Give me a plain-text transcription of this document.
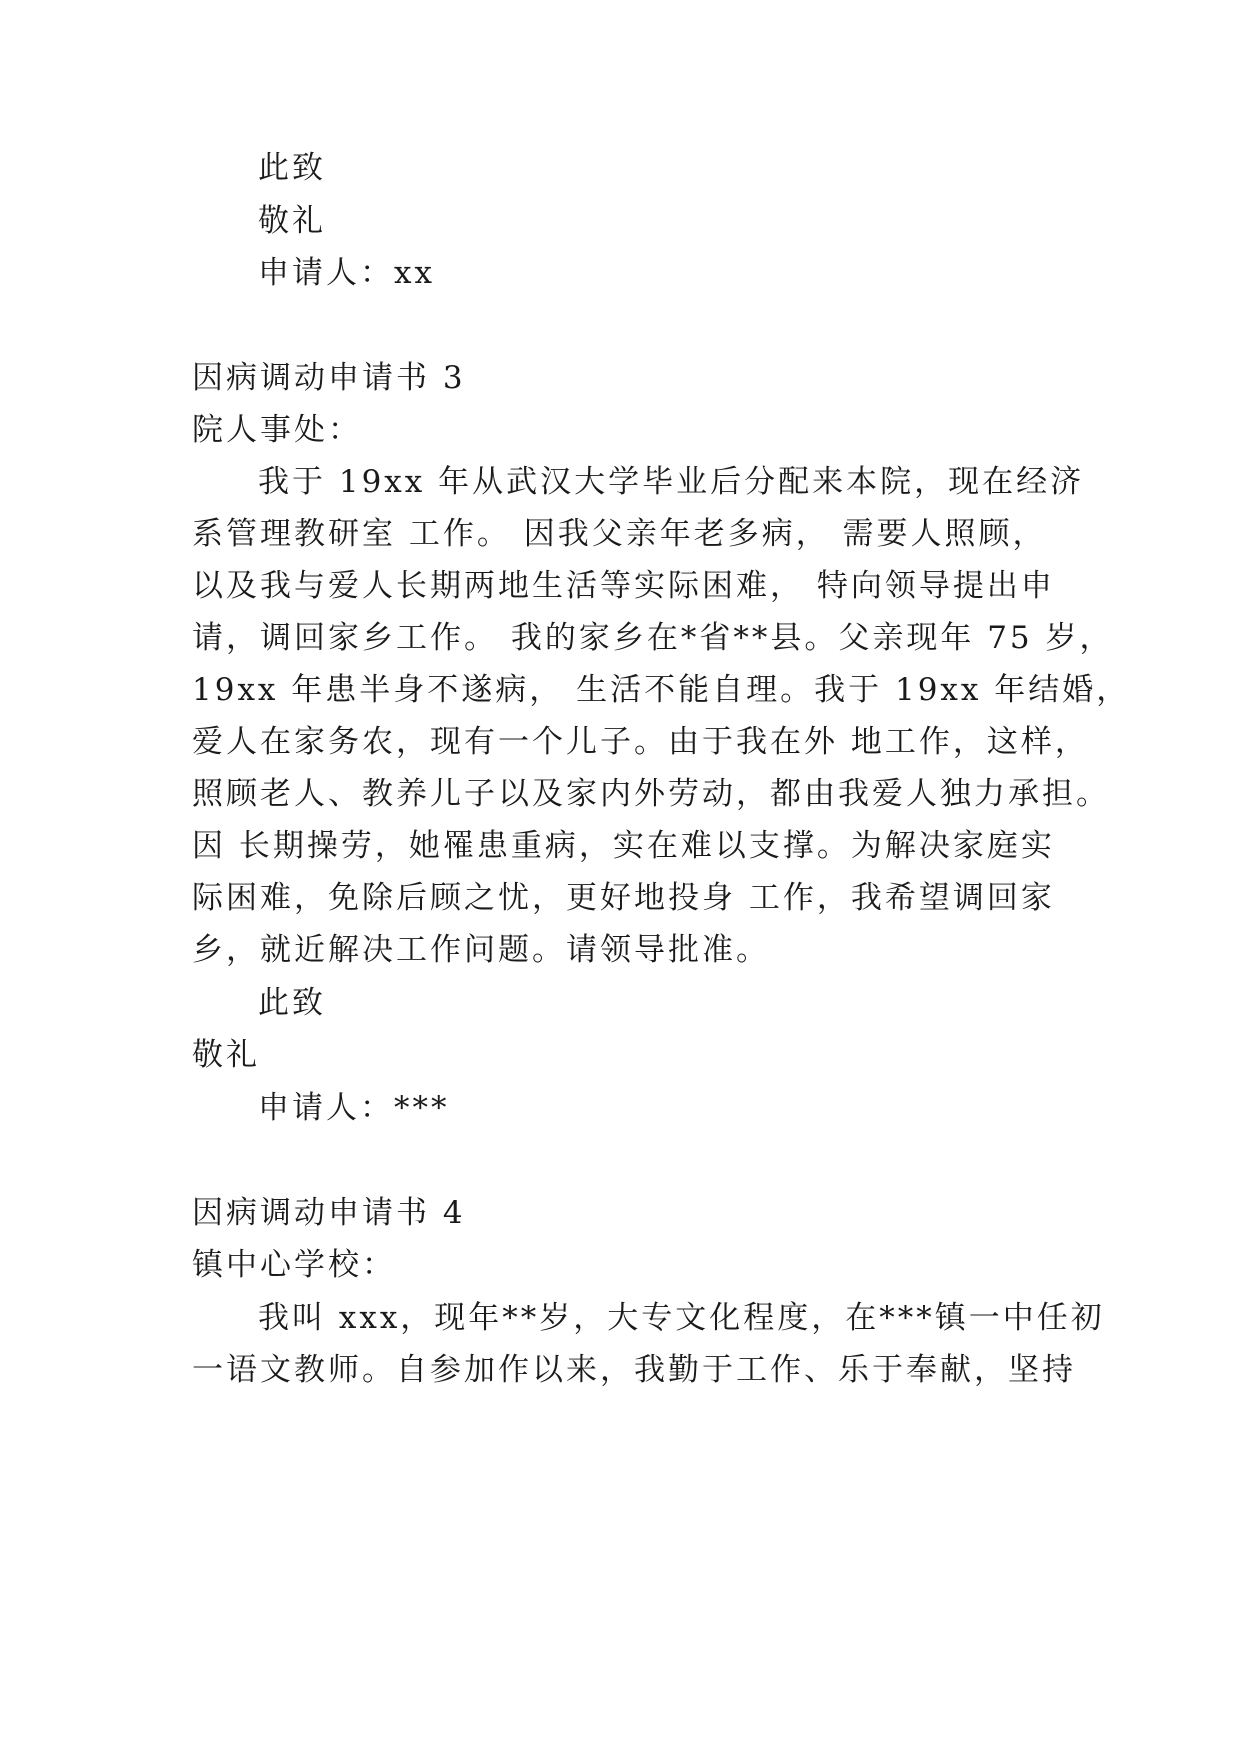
此致
敬礼
申请人：xx
因病调动申请书 3
院人事处：
我于 19xx 年从武汉大学毕业后分配来本院，现在经济
系管理教研室 工作。 因我父亲年老多病， 需要人照顾，
以及我与爱人长期两地生活等实际困难， 特向领导提出申
请，调回家乡工作。 我的家乡在*省**县。父亲现年 75 岁，
19xx 年患半身不遂病， 生活不能自理。我于 19xx 年结婚，
爱人在家务农，现有一个儿子。由于我在外 地工作，这样，
照顾老人、教养儿子以及家内外劳动，都由我爱人独力承担。
因 长期操劳，她罹患重病，实在难以支撑。为解决家庭实
际困难，免除后顾之忧，更好地投身 工作，我希望调回家
乡，就近解决工作问题。请领导批准。
此致
敬礼
申请人：***
因病调动申请书 4
镇中心学校：
我叫 xxx，现年**岁，大专文化程度，在***镇一中任初
一语文教师。自参加作以来，我勤于工作、乐于奉献，坚持
